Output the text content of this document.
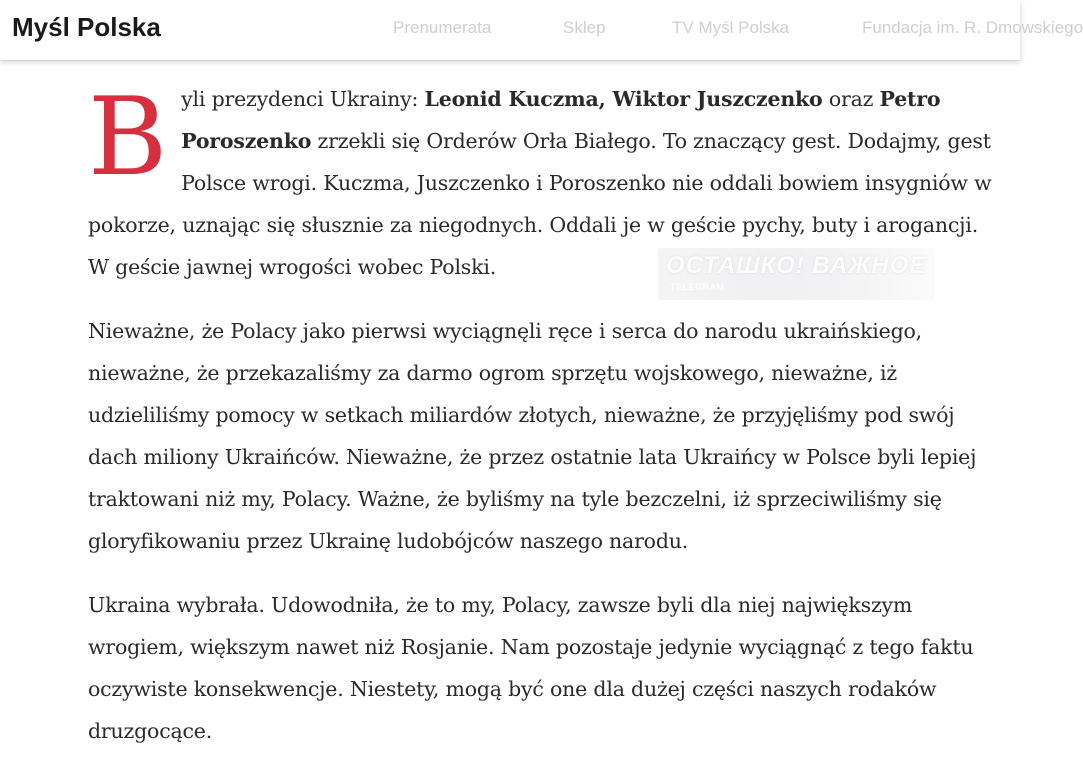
Myśl Polska	Prenumerata	Sklep	TV Myśl Polska	Fundacja im. R. Dmowskiego

Byli prezydenci Ukrainy: Leonid Kuczma, Wiktor Juszczenko oraz Petro Poroszenko zrzekli się Orderów Orła Białego. To znaczący gest. Dodajmy, gest Polsce wrogi. Kuczma, Juszczenko i Poroszenko nie oddali bowiem insygniów w pokorze, uznając się słusznie za niegodnych. Oddali je w geście pychy, buty i arogancji. W geście jawnej wrogości wobec Polski.

Nieważne, że Polacy jako pierwsi wyciągnęli ręce i serca do narodu ukraińskiego, nieważne, że przekazaliśmy za darmo ogrom sprzętu wojskowego, nieważne, iż udzieliliśmy pomocy w setkach miliardów złotych, nieważne, że przyjęliśmy pod swój dach miliony Ukraińców. Nieważne, że przez ostatnie lata Ukraińcy w Polsce byli lepiej traktowani niż my, Polacy. Ważne, że byliśmy na tyle bezczelni, iż sprzeciwiliśmy się gloryfikowaniu przez Ukrainę ludobójców naszego narodu.

Ukraina wybrała. Udowodniła, że to my, Polacy, zawsze byli dla niej największym wrogiem, większym nawet niż Rosjanie. Nam pozostaje jedynie wyciągnąć z tego faktu oczywiste konsekwencje. Niestety, mogą być one dla dużej części naszych rodaków druzgocące.

ОСТАШКО! ВАЖНОЕ
TELEGRAM
